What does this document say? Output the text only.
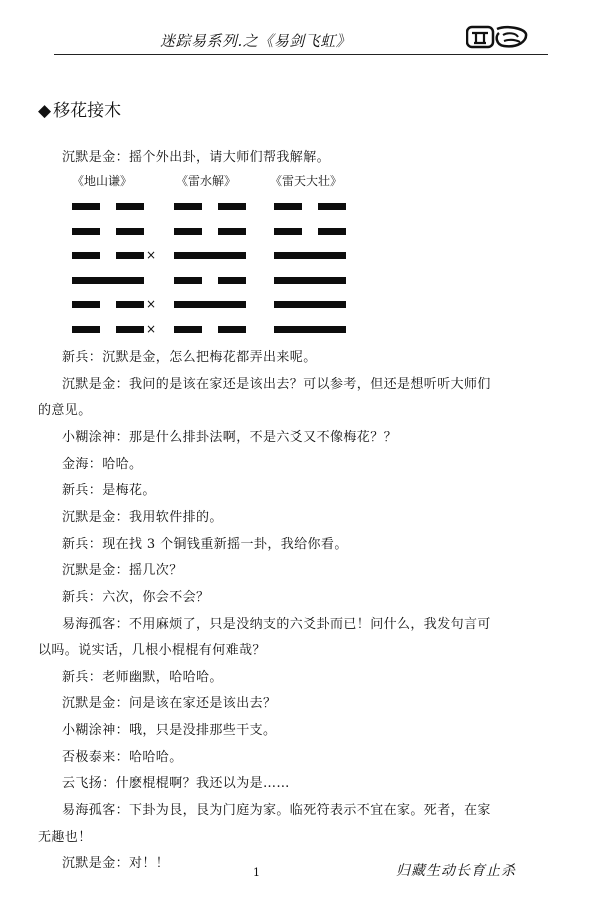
迷踪易系列.之《易剑飞虹》
◆ 移花接木
沉默是金：摇个外出卦，请大师们帮我解解。
《地山谦》	《雷水解》	《雷天大壮》
×
×
×
新兵：沉默是金，怎么把梅花都弄出来呢。
沉默是金：我问的是该在家还是该出去？可以参考，但还是想听听大师们
的意见。
小糊涂神：那是什么排卦法啊，不是六爻又不像梅花？？
金海：哈哈。
新兵：是梅花。
沉默是金：我用软件排的。
新兵：现在找 3 个铜钱重新摇一卦，我给你看。
沉默是金：摇几次？
新兵：六次，你会不会？
易海孤客：不用麻烦了，只是没纳支的六爻卦而已！问什么，我发句言可
以吗。说实话，几根小棍棍有何难哉？
新兵：老师幽默，哈哈哈。
沉默是金：问是该在家还是该出去？
小糊涂神：哦，只是没排那些干支。
否极泰来：哈哈哈。
云飞扬：什麽棍棍啊？我还以为是……
易海孤客：下卦为艮，艮为门庭为家。临死符表示不宜在家。死者，在家
无趣也！
沉默是金：对！！
1	归藏生动长育止杀
